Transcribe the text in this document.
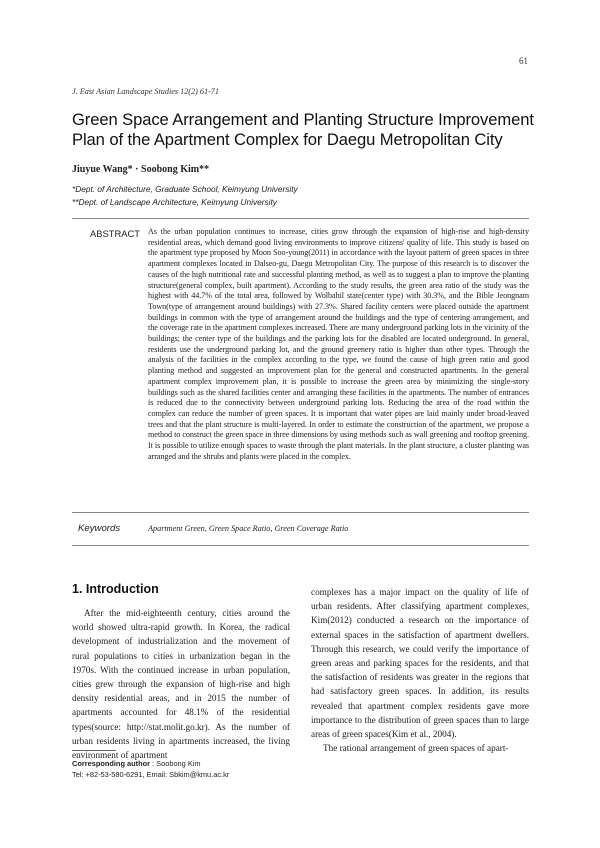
61
J. East Asian Landscape Studies 12(2) 61-71
Green Space Arrangement and Planting Structure Improvement Plan of the Apartment Complex for Daegu Metropolitan City
Jiuyue Wang* · Soobong Kim**
*Dept. of Architecture, Graduate School, Keimyung University
**Dept. of Landscape Architecture, Keimyung University
ABSTRACT As the urban population continues to increase, cities grow through the expansion of high-rise and high-density residential areas, which demand good living environments to improve citizens' quality of life. This study is based on the apartment type proposed by Moon Soo-young(2011) in accordance with the layout pattern of green spaces in three apartment complexes located in Dalseo-gu, Daegu Metropolitan City. The purpose of this research is to discover the causes of the high nutritional rate and successful planting method, as well as to suggest a plan to improve the planting structure(general complex, built apartment). According to the study results, the green area ratio of the study was the highest with 44.7% of the total area, followed by Wolbahil state(center type) with 30.3%, and the Bible Jeongnam Town(type of arrangement around buildings) with 27.3%. Shared facility centers were placed outside the apartment buildings in common with the type of arrangement around the buildings and the type of centering arrangement, and the coverage rate in the apartment complexes increased. There are many underground parking lots in the vicinity of the buildings; the center type of the buildings and the parking lots for the disabled are located underground. In general, residents use the underground parking lot, and the ground greenery ratio is higher than other types. Through the analysis of the facilities in the complex according to the type, we found the cause of high green ratio and good planting method and suggested an improvement plan for the general and constructed apartments. In the general apartment complex improvement plan, it is possible to increase the green area by minimizing the single-story buildings such as the shared facilities center and arranging these facilities in the apartments. The number of entrances is reduced due to the connectivity between underground parking lots. Reducing the area of the road within the complex can reduce the number of green spaces. It is important that water pipes are laid mainly under broad-leaved trees and that the plant structure is multi-layered. In order to estimate the construction of the apartment, we propose a method to construct the green space in three dimensions by using methods such as wall greening and rooftop greening. It is possible to utilize enough spaces to waste through the plant materials. In the plant structure, a cluster planting was arranged and the shrubs and plants were placed in the complex.
Keywords	Apartment Green, Green Space Ratio, Green Coverage Ratio
1. Introduction

After the mid-eighteenth century, cities around the world showed ultra-rapid growth. In Korea, the radical development of industrialization and the movement of rural populations to cities in urbanization began in the 1970s. With the continued increase in urban population, cities grew through the expansion of high-rise and high density residential areas, and in 2015 the number of apartments accounted for 48.1% of the residential types(source: http://stat.molit.go.kr). As the number of urban residents living in apartments increased, the living environment of apartment

complexes has a major impact on the quality of life of urban residents. After classifying apartment complexes, Kim(2012) conducted a research on the importance of external spaces in the satisfaction of apartment dwellers. Through this research, we could verify the importance of green areas and parking spaces for the residents, and that the satisfaction of residents was greater in the regions that had satisfactory green spaces. In addition, its results revealed that apartment complex residents gave more importance to the distribution of green spaces than to large areas of green spaces(Kim et al., 2004).

The rational arrangement of green spaces of apart-

Corresponding author : Soobong Kim
Tel: +82-53-580-6291, Email: Sbkim@kmu.ac.kr
